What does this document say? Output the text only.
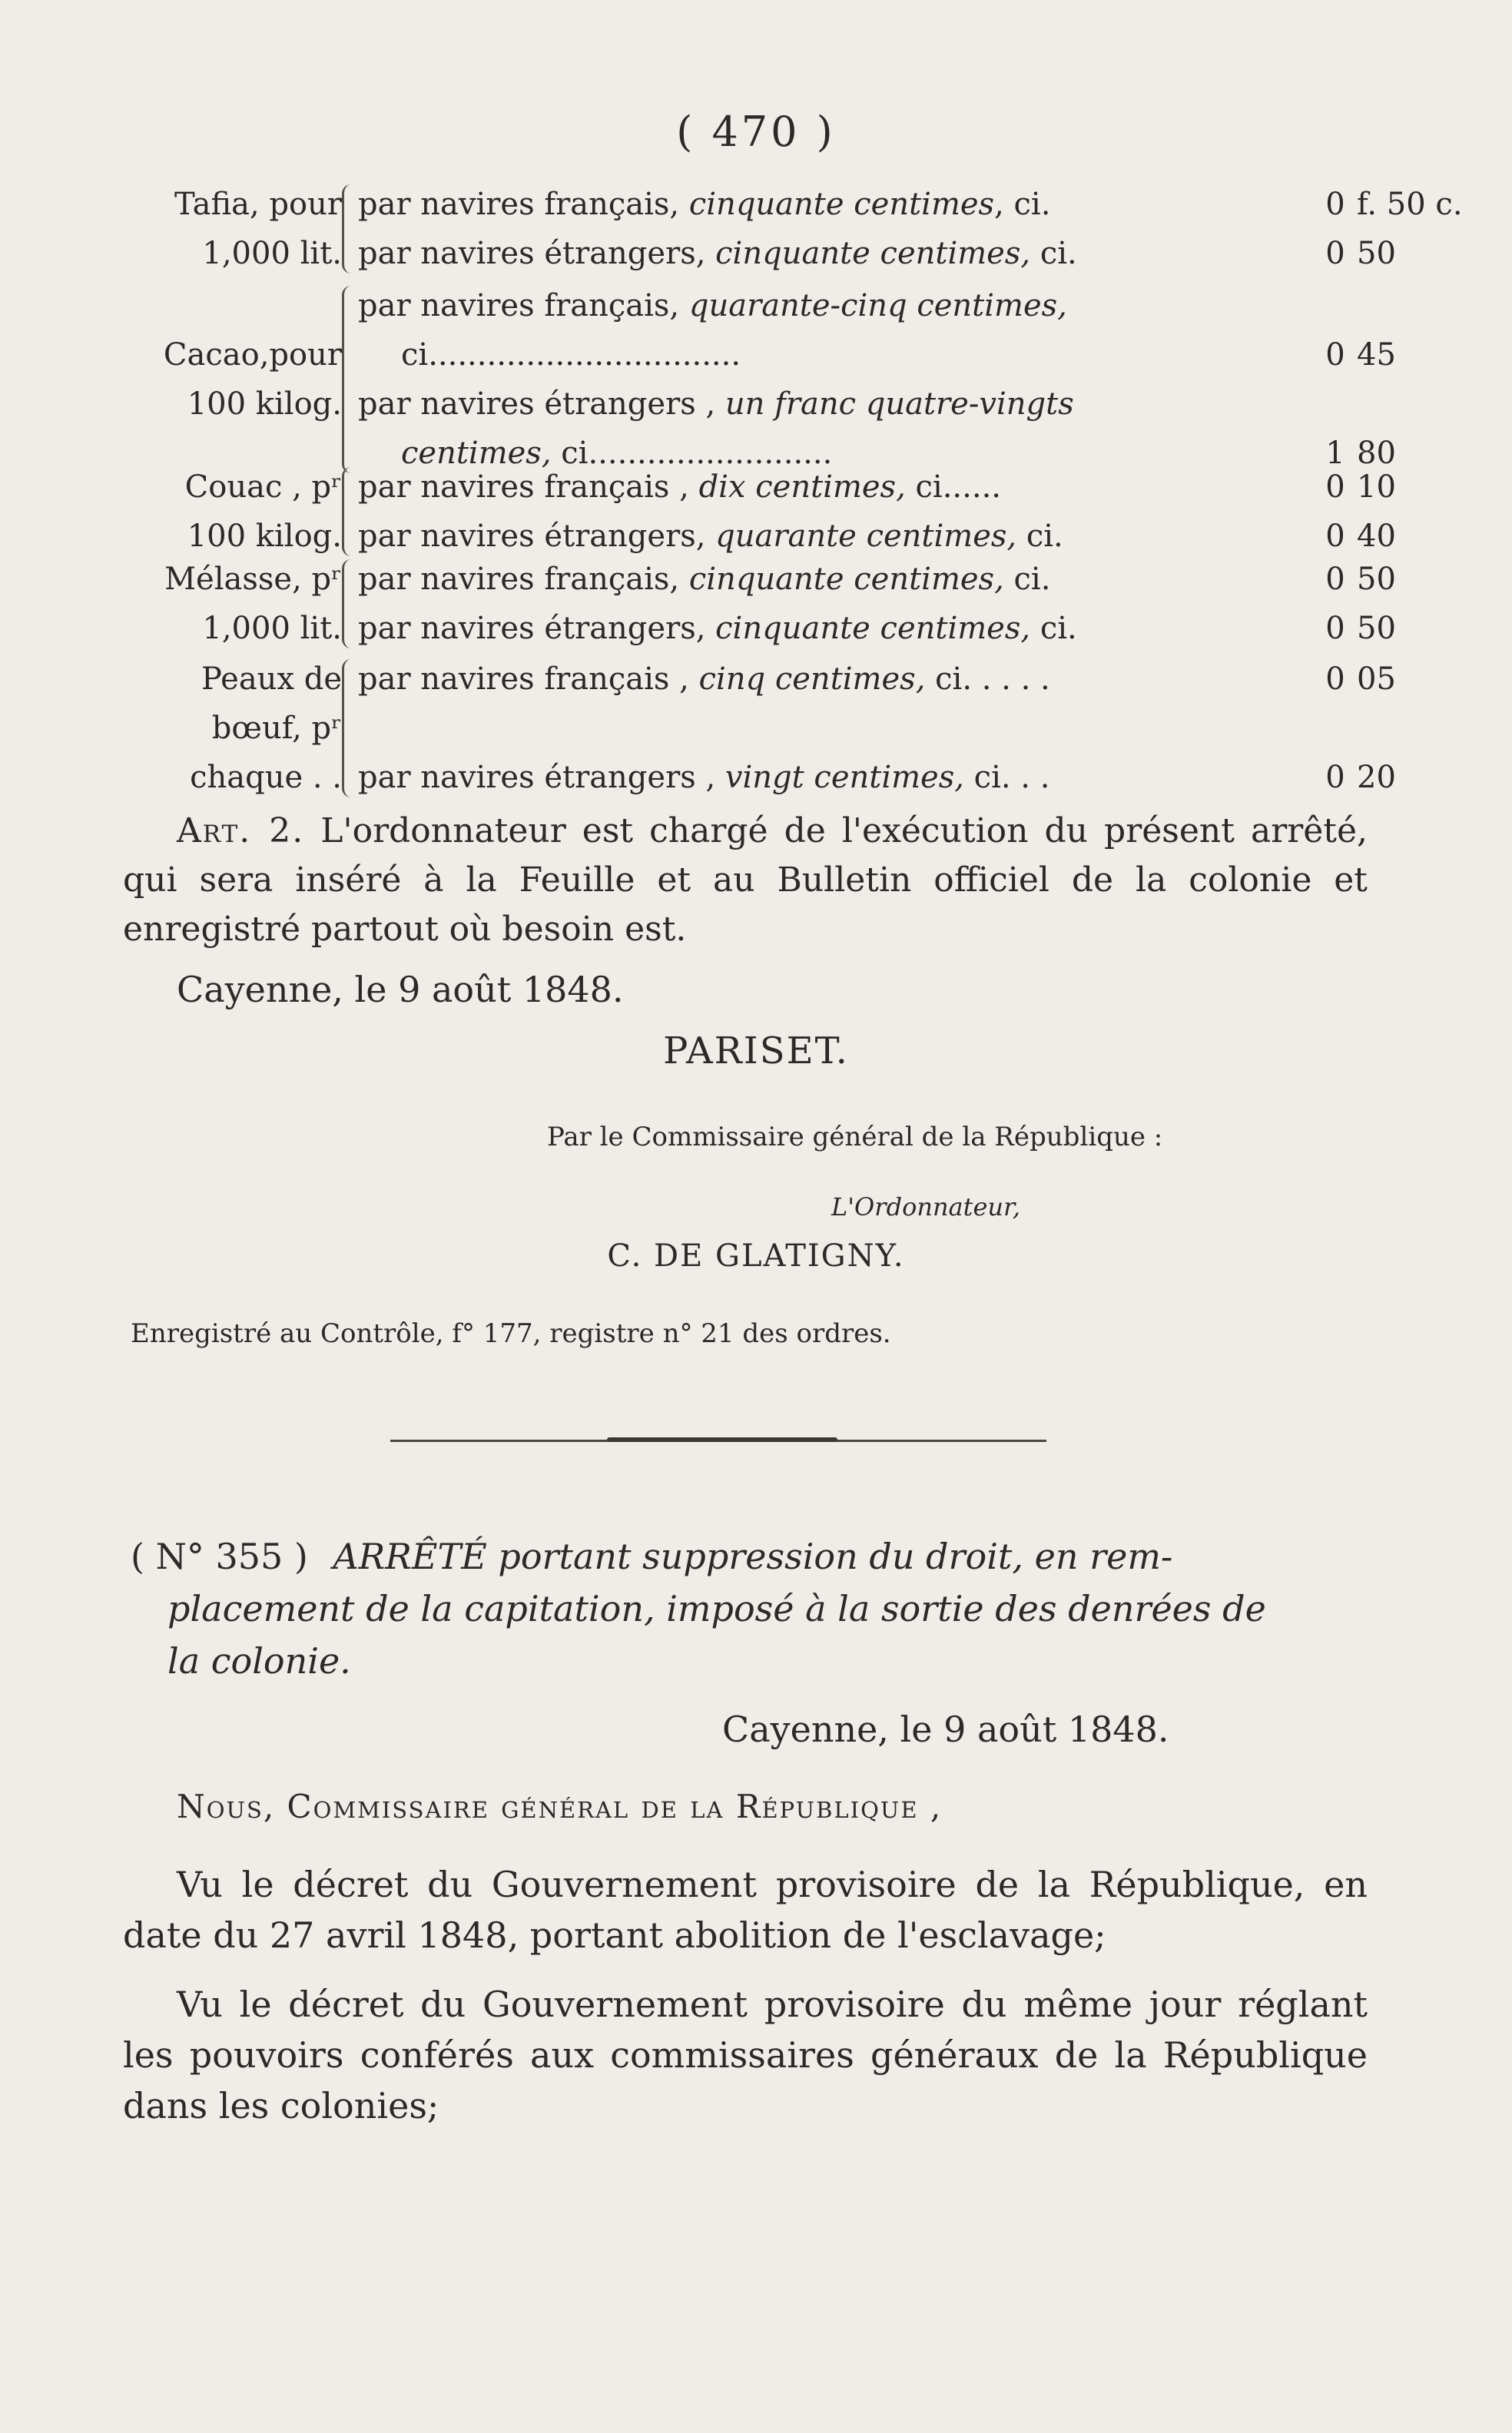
( 470 )
Tafia, pour
1,000 lit.
par navires français, cinquante centimes, ci.	0 f. 50 c.
par navires étrangers, cinquante centimes, ci.	0 50
Cacao,pour
100 kilog.
par navires français, quarante-cinq centimes,
ci................................	0 45
par navires étrangers , un franc quatre-vingts
centimes, ci.........................	1 80
Couac , pʳ
100 kilog.
par navires français , dix centimes, ci......	0 10
par navires étrangers, quarante centimes, ci.	0 40
Mélasse, pʳ
1,000 lit.
par navires français, cinquante centimes, ci.	0 50
par navires étrangers, cinquante centimes, ci.	0 50
Peaux de
bœuf, pʳ
chaque . .
par navires français , cinq centimes, ci. . . . .	0 05
par navires étrangers , vingt centimes, ci. . .	0 20
Art. 2. L'ordonnateur est chargé de l'exécution du présent arrêté, qui sera inséré à la Feuille et au Bulletin officiel de la colonie et enregistré partout où besoin est.
Cayenne, le 9 août 1848.
PARISET.
Par le Commissaire général de la République :
L'Ordonnateur,
C. DE GLATIGNY.
Enregistré au Contrôle, f° 177, registre n° 21 des ordres.
( N° 355 ) ARRÊTÉ portant suppression du droit, en rem-
placement de la capitation, imposé à la sortie des denrées de
la colonie.
Cayenne, le 9 août 1848.
Nous, Commissaire général de la République ,
Vu le décret du Gouvernement provisoire de la République, en date du 27 avril 1848, portant abolition de l'esclavage;
Vu le décret du Gouvernement provisoire du même jour réglant les pouvoirs conférés aux commissaires généraux de la République dans les colonies;
